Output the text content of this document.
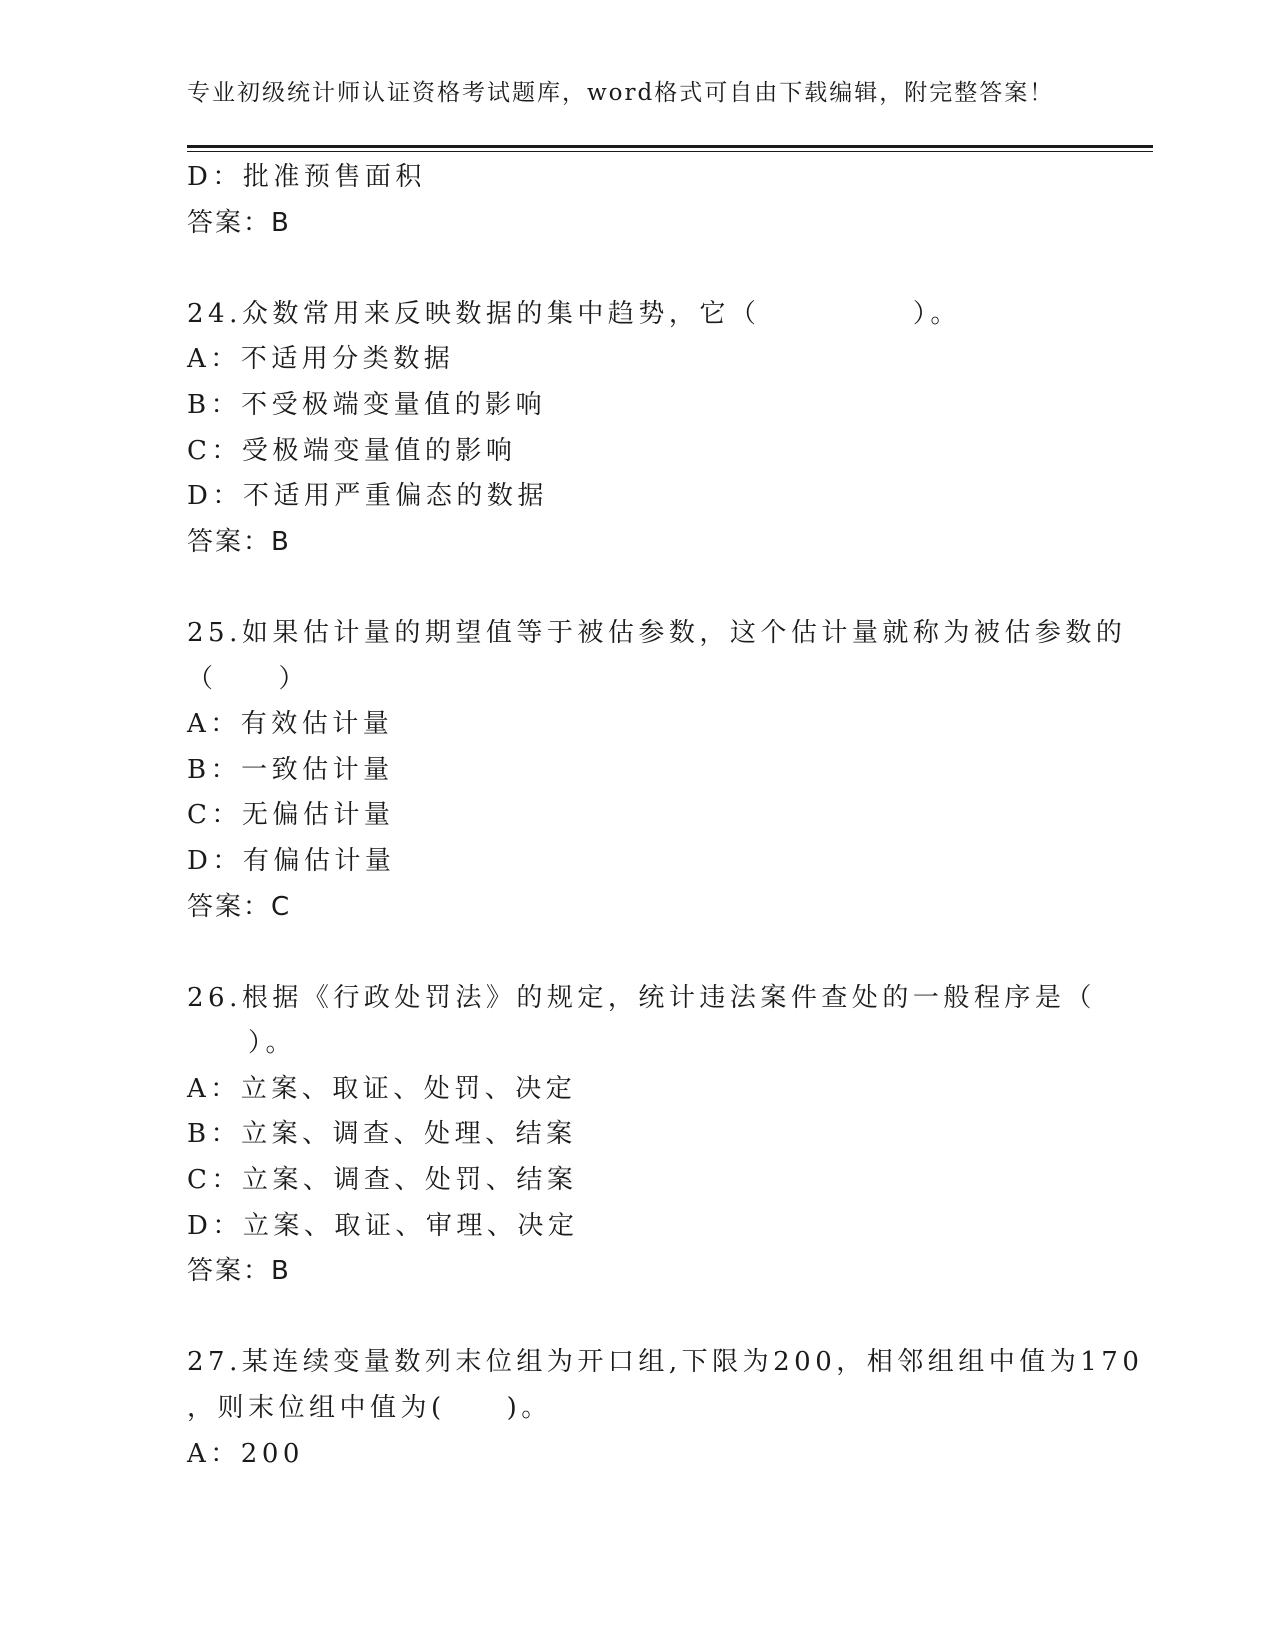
专业初级统计师认证资格考试题库，word格式可自由下载编辑，附完整答案！
D：批准预售面积
答案：B
24.众数常用来反映数据的集中趋势，它（　　　　　）。
A：不适用分类数据
B：不受极端变量值的影响
C：受极端变量值的影响
D：不适用严重偏态的数据
答案：B
25.如果估计量的期望值等于被估参数，这个估计量就称为被估参数的
（　　）
A：有效估计量
B：一致估计量
C：无偏估计量
D：有偏估计量
答案：C
26.根据《行政处罚法》的规定，统计违法案件查处的一般程序是（
　　）。
A：立案、取证、处罚、决定
B：立案、调查、处理、结案
C：立案、调查、处罚、结案
D：立案、取证、审理、决定
答案：B
27.某连续变量数列末位组为开口组,下限为200，相邻组组中值为170
，则末位组中值为(　　)。
A：200
